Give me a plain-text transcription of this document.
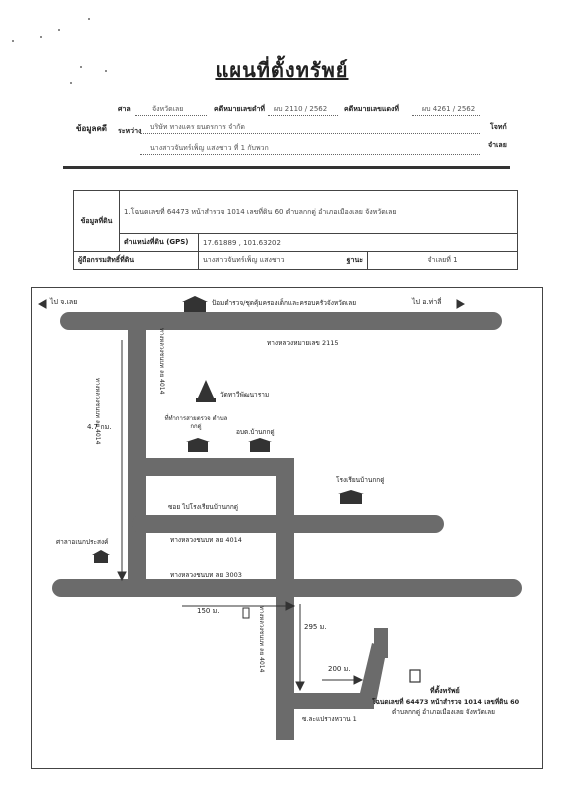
แผนที่ตั้งทรัพย์
ศาล	จังหวัดเลย	คดีหมายเลขดำที่ ผบ 2110 / 2562 คดีหมายเลขแดงที่	ผบ 4261 / 2562
ข้อมูลคดี ระหว่าง บริษัท ทางแคร ยนตรการ จำกัด	โจทก์
นางสาวจันทร์เพ็ญ แสงชาว ที่ 1 กับพวก	จำเลย
ข้อมูลที่ดิน	1.โฉนดเลขที่ 64473 หน้าสำรวจ 1014 เลขที่ดิน 60 ตำบลกกดู่ อำเภอเมืองเลย จังหวัดเลย		
	ตำแหน่งที่ดิน (GPS)	17.61889 , 101.63202	
ผู้ถือกรรมสิทธิ์ที่ดิน		นางสาวจันทร์เพ็ญ แสงชาว ฐานะ	จำเลยที่ 1
ไป จ.เลย	ไป อ.ท่าลี่
ป้อมตำรวจ/ชุดคุ้มครองเด็กและครอบครัวจังหวัดเลย
ทางหลวงหมายเลข 2115
ทางหลวงชนบท ลย 4014
ทางหลวงชนบท ลย 4014
วัดทาวีพัฒนาราม
ที่ทำการสายตรวจ ตำบลกกดู่
อบต.บ้านกกดู่
4.7 กม.
โรงเรียนบ้านกกดู่
ซอย ไปโรงเรียนบ้านกกดู่
ทางหลวงชนบท ลย 4014
ศาลาอเนกประสงค์
ทางหลวงชนบท ลย 3003
150 ม.
295 ม.
200 ม.
ทางหลวงชนบท ลย 4014
ที่ตั้งทรัพย์
โฉนดเลขที่ 64473 หน้าสำรวจ 1014 เลขที่ดิน 60
ตำบลกกดู่ อำเภอเมืองเลย จังหวัดเลย
ซ.ละแปรางหวาน 1
